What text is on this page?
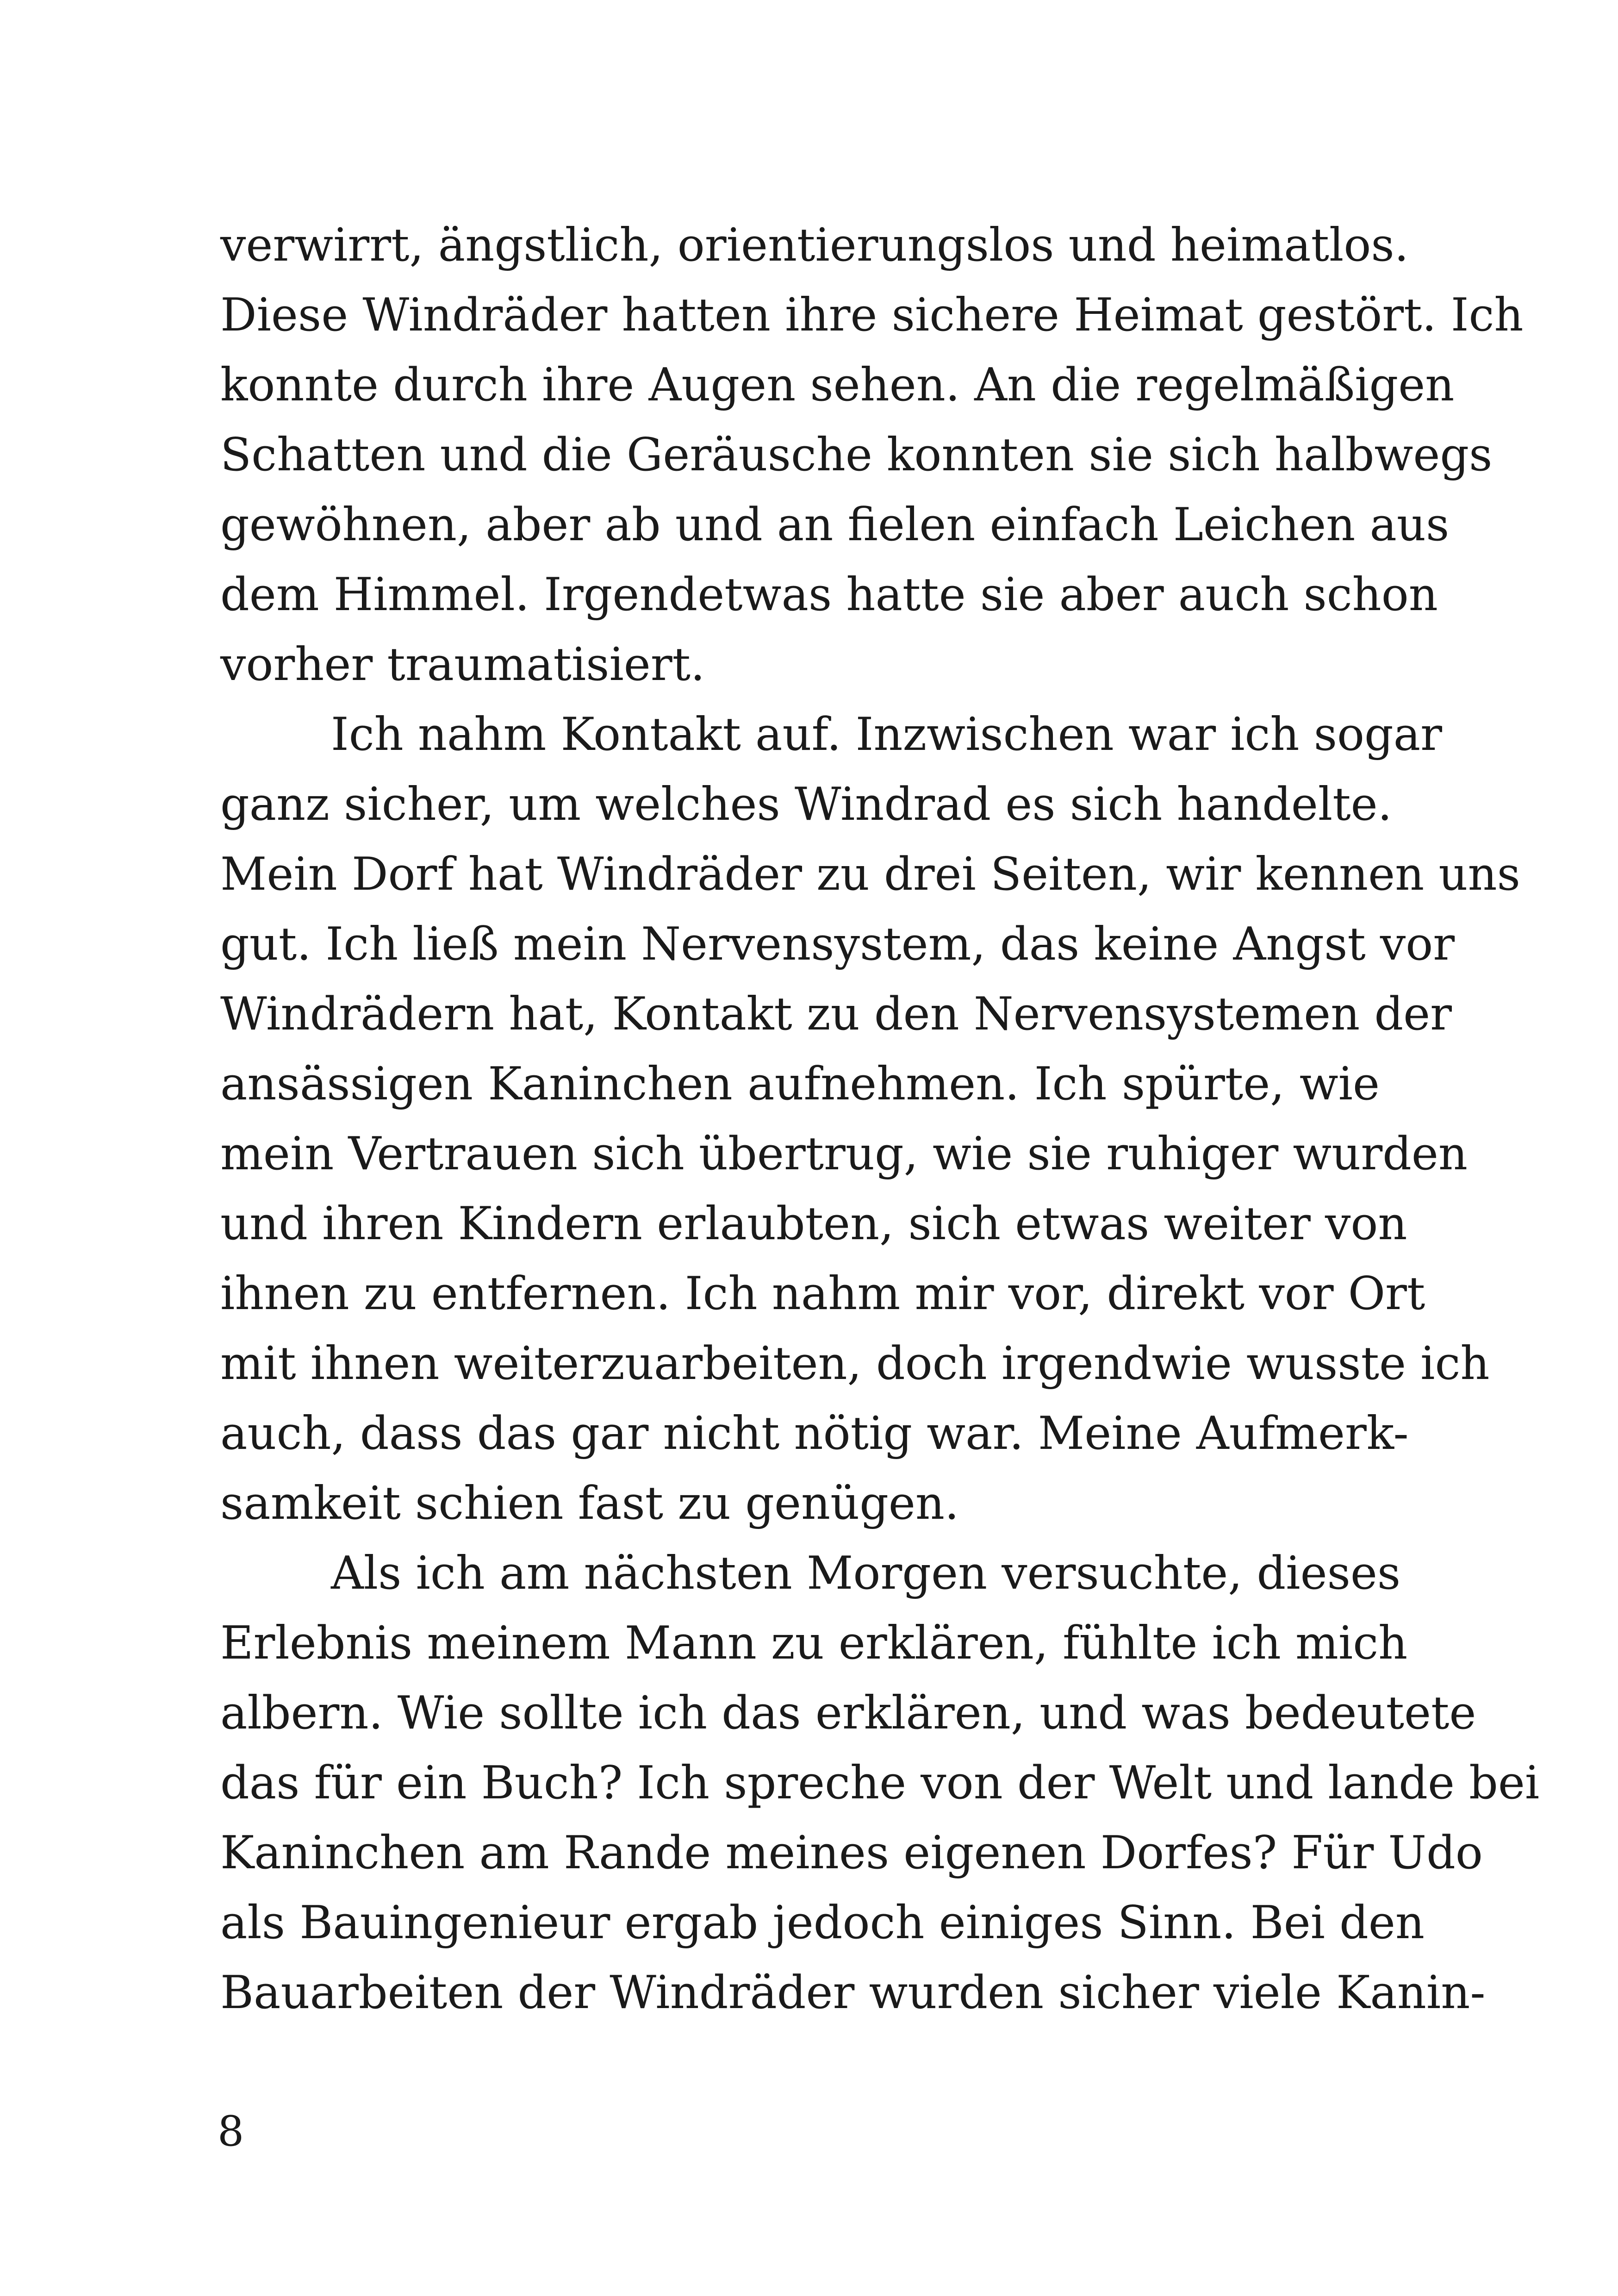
verwirrt, ängstlich, orientierungslos und heimatlos.
Diese Windräder hatten ihre sichere Heimat gestört. Ich
konnte durch ihre Augen sehen. An die regelmäßigen
Schatten und die Geräusche konnten sie sich halbwegs
gewöhnen, aber ab und an fielen einfach Leichen aus
dem Himmel. Irgendetwas hatte sie aber auch schon
vorher traumatisiert.
Ich nahm Kontakt auf. Inzwischen war ich sogar
ganz sicher, um welches Windrad es sich handelte.
Mein Dorf hat Windräder zu drei Seiten, wir kennen uns
gut. Ich ließ mein Nervensystem, das keine Angst vor
Windrädern hat, Kontakt zu den Nervensystemen der
ansässigen Kaninchen aufnehmen. Ich spürte, wie
mein Vertrauen sich übertrug, wie sie ruhiger wurden
und ihren Kindern erlaubten, sich etwas weiter von
ihnen zu entfernen. Ich nahm mir vor, direkt vor Ort
mit ihnen weiterzuarbeiten, doch irgendwie wusste ich
auch, dass das gar nicht nötig war. Meine Aufmerk-
samkeit schien fast zu genügen.
Als ich am nächsten Morgen versuchte, dieses
Erlebnis meinem Mann zu erklären, fühlte ich mich
albern. Wie sollte ich das erklären, und was bedeutete
das für ein Buch? Ich spreche von der Welt und lande bei
Kaninchen am Rande meines eigenen Dorfes? Für Udo
als Bauingenieur ergab jedoch einiges Sinn. Bei den
Bauarbeiten der Windräder wurden sicher viele Kanin-
8
